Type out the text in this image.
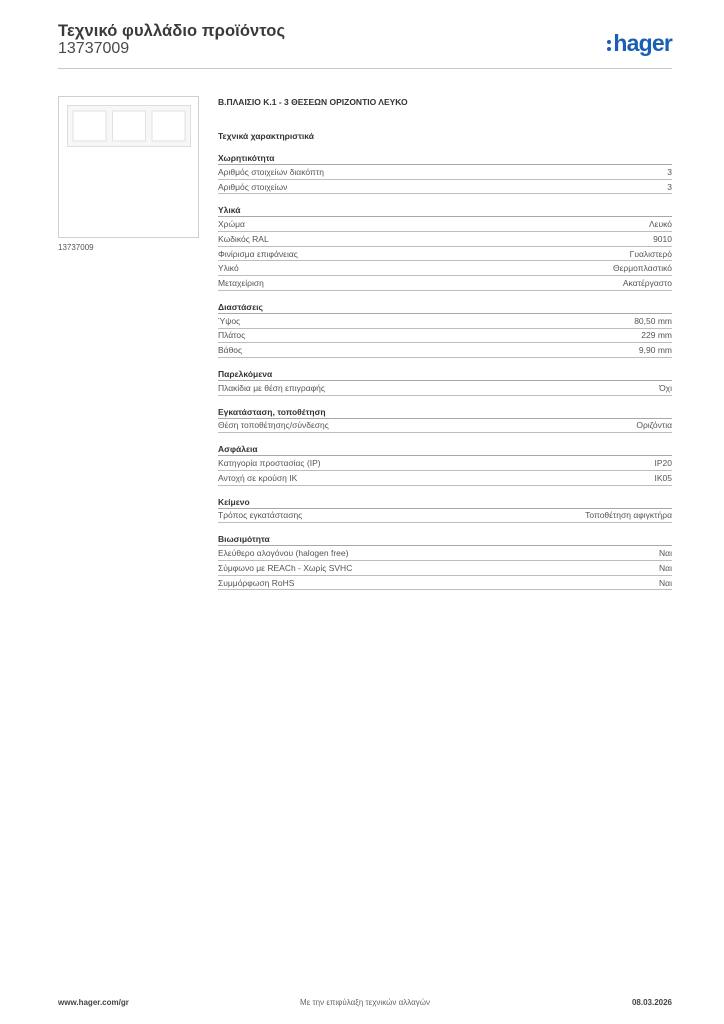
Τεχνικό φυλλάδιο προϊόντος
13737009	hager
13737009
Β.ΠΛΑΙΣΙΟ Κ.1 - 3 ΘΕΣΕΩΝ ΟΡΙΖΟΝΤΙΟ ΛΕΥΚΟ
Τεχνικά χαρακτηριστικά
Χωρητικότητα
Αριθμός στοιχείων διακόπτη	3
Αριθμός στοιχείων	3
Υλικά
Χρώμα	Λευκό
Κωδικός RAL	9010
Φινίρισμα επιφάνειας	Γυαλιστερό
Υλικό	Θερμοπλαστικό
Μεταχείριση	Ακατέργαστο
Διαστάσεις
Ύψος	80,50 mm
Πλάτος	229 mm
Βάθος	9,90 mm
Παρελκόμενα
Πλακίδια με θέση επιγραφής	Όχι
Εγκατάσταση, τοποθέτηση
Θέση τοποθέτησης/σύνδεσης	Οριζόντια
Ασφάλεια
Κατηγορία προστασίας (IP)	IP20
Αντοχή σε κρούση IK	IK05
Κείμενο
Τρόπος εγκατάστασης	Τοποθέτηση αφιγκτήρα
Βιωσιμότητα
Ελεύθερο αλογόνου (halogen free)	Ναι
Σύμφωνο με REACh - Χωρίς SVHC	Ναι
Συμμόρφωση RoHS	Ναι
www.hager.com/gr	Με την επιφύλαξη τεχνικών αλλαγών	08.03.2026
